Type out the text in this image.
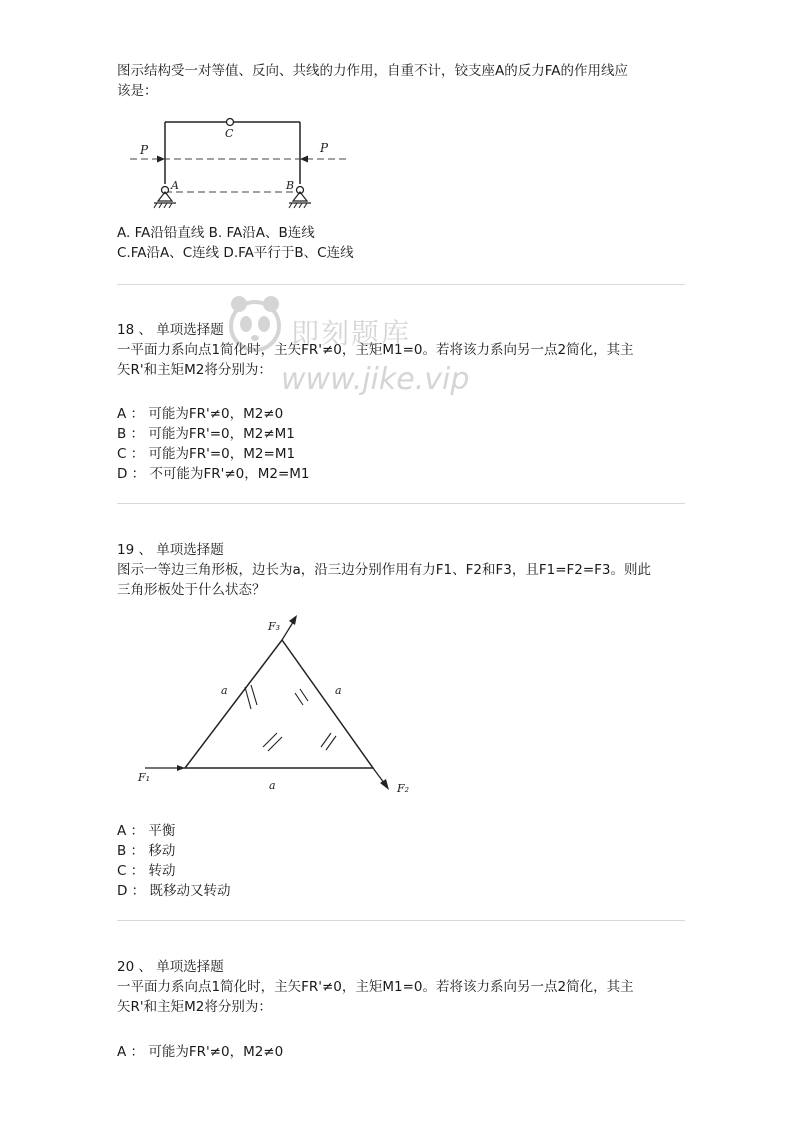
图示结构受一对等值、反向、共线的力作用，自重不计，铰支座A的反力FA的作用线应
该是：
P	P
C
A	B
A. FA沿铅直线 B. FA沿A、B连线
C.FA沿A、C连线 D.FA平行于B、C连线
18 、 单项选择题
一平面力系向点1简化时，主矢FR'≠0，主矩M1=0。若将该力系向另一点2简化，其主
矢R'和主矩M2将分别为：
A ： 可能为FR'≠0，M2≠0
B ： 可能为FR'=0，M2≠M1
C ： 可能为FR'=0，M2=M1
D ： 不可能为FR'≠0，M2=M1
19 、 单项选择题
图示一等边三角形板，边长为a，沿三边分别作用有力F1、F2和F3，且F1=F2=F3。则此
三角形板处于什么状态？
F₃
a	a
a
F₁
F₂
A ： 平衡
B ： 移动
C ： 转动
D ： 既移动又转动
20 、 单项选择题
一平面力系向点1简化时，主矢FR'≠0，主矩M1=0。若将该力系向另一点2简化，其主
矢R'和主矩M2将分别为：
A ： 可能为FR'≠0，M2≠0
即刻题库
www.jike.vip
